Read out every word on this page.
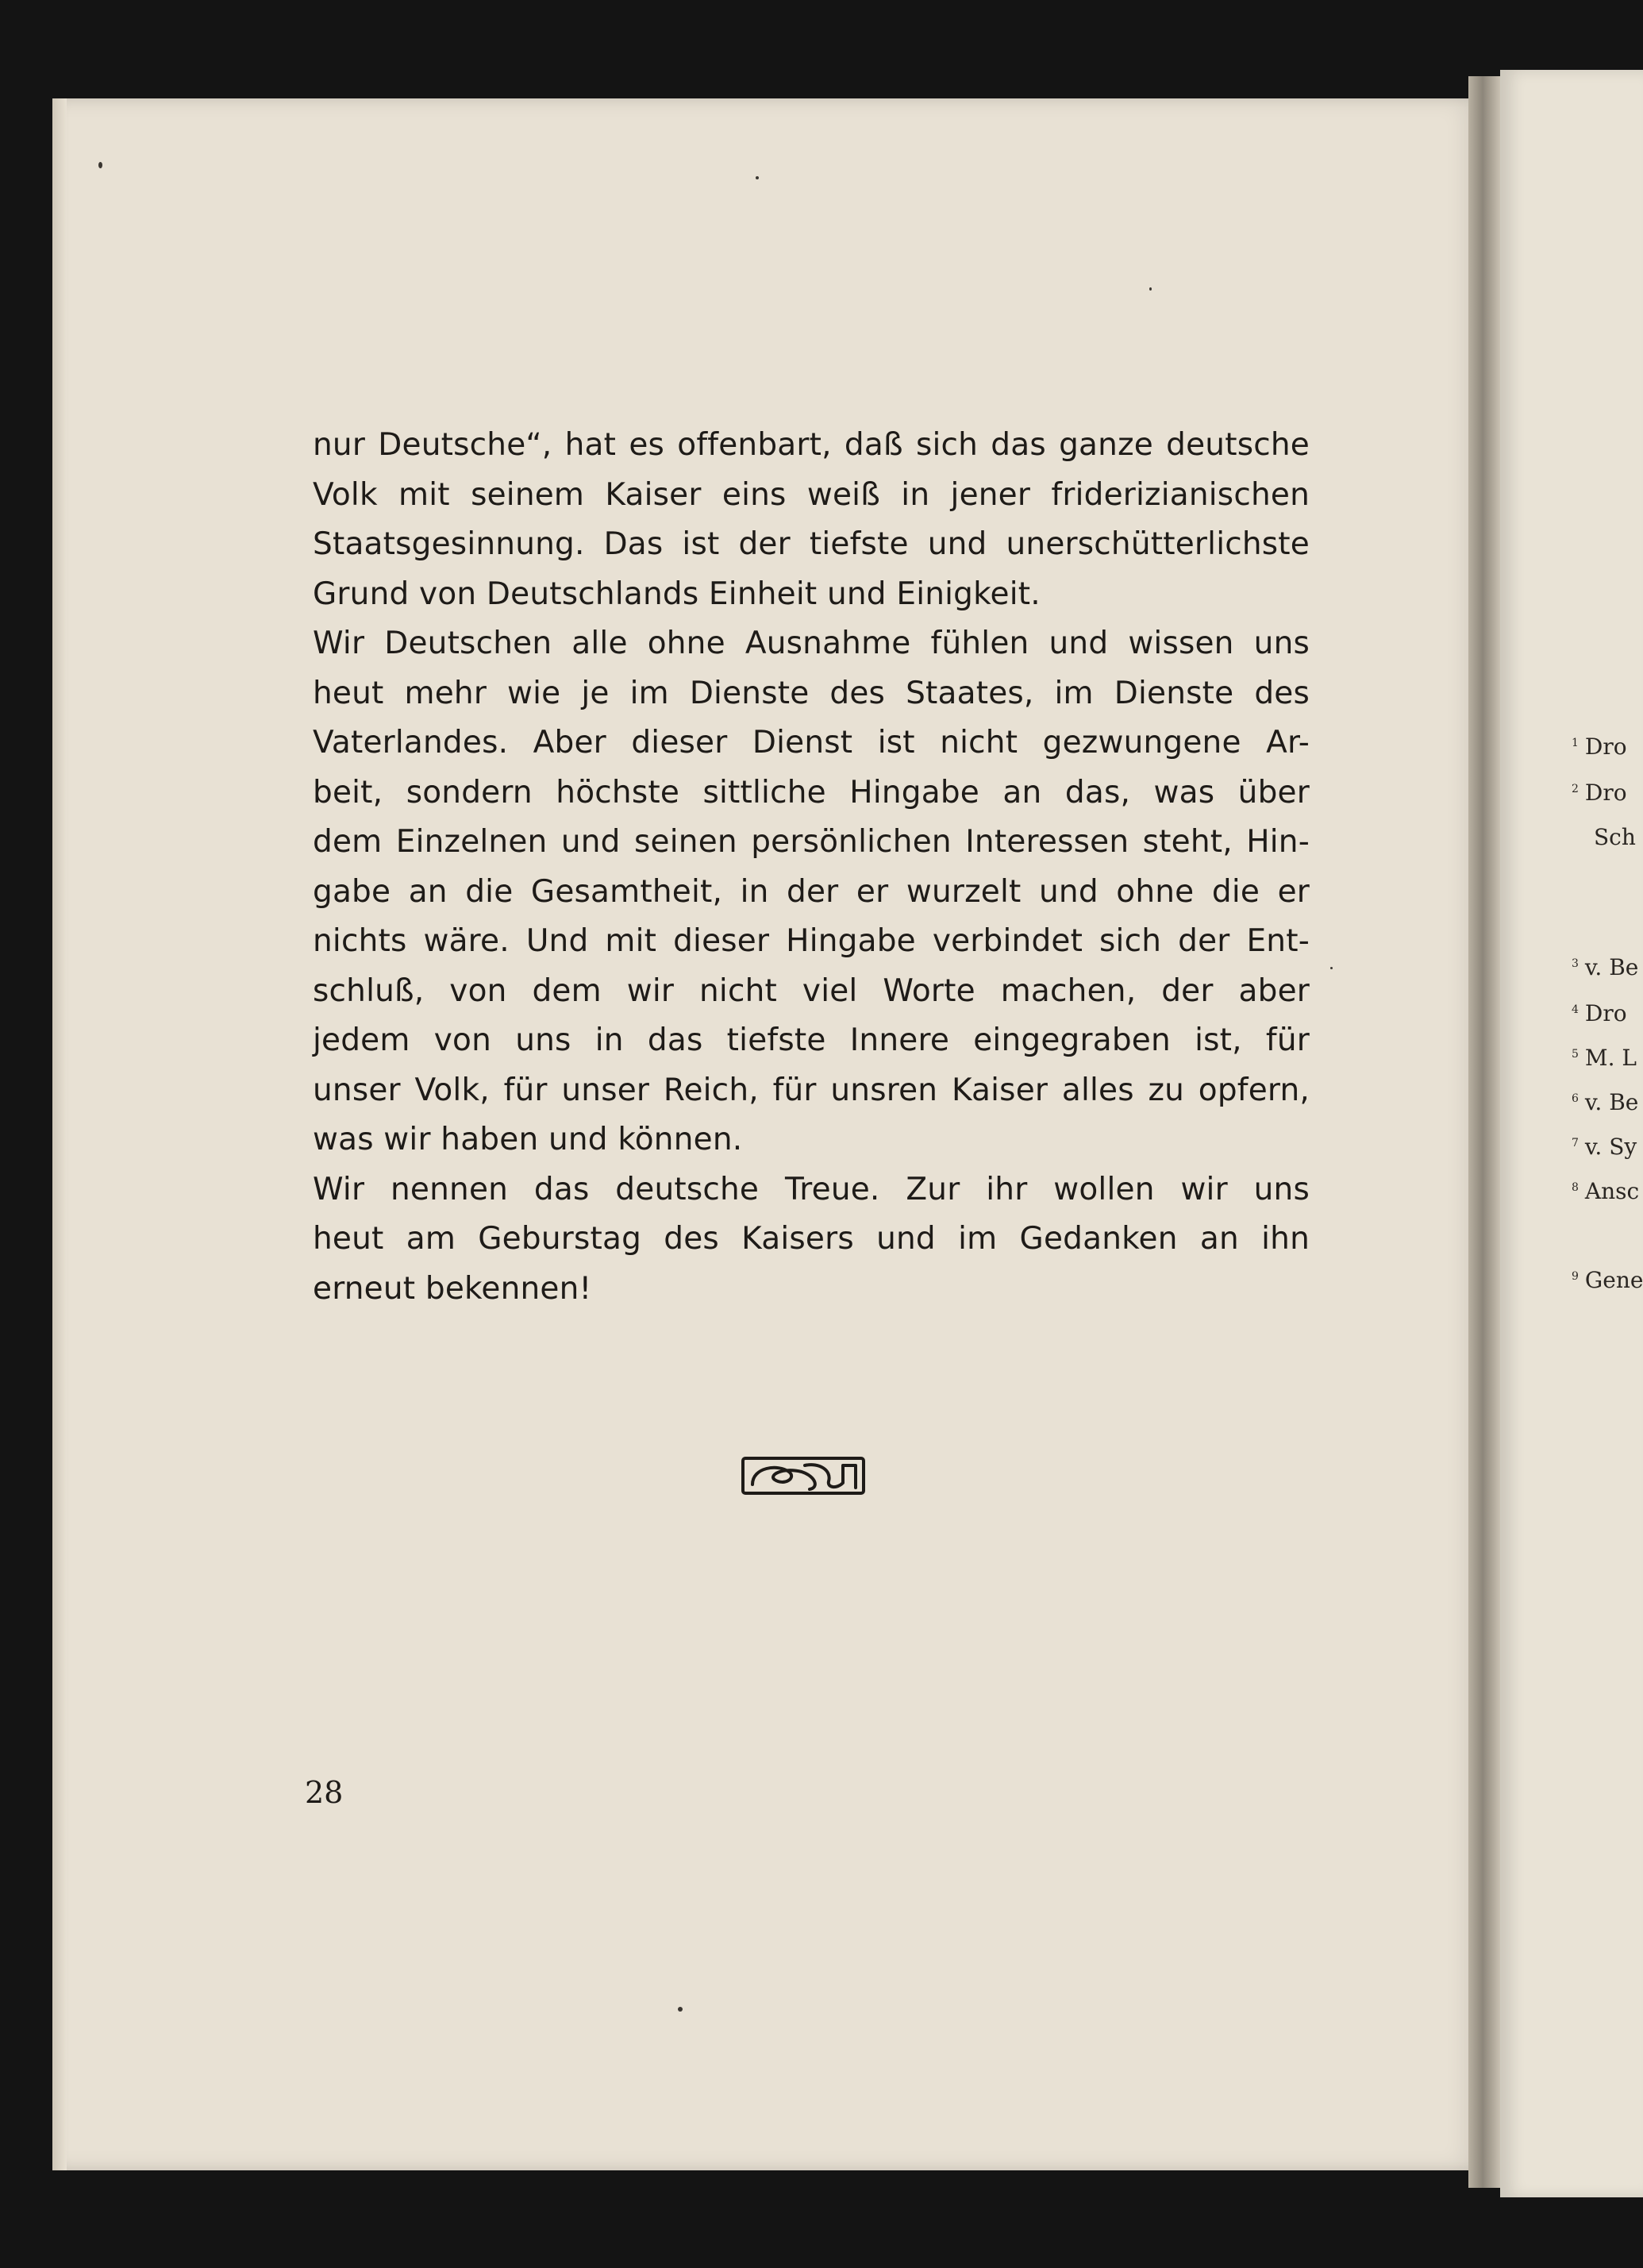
nur Deutsche“, hat es offenbart, daß sich das ganze deutsche
Volk mit seinem Kaiser eins weiß in jener friderizianischen
Staatsgesinnung. Das ist der tiefste und unerschütterlichste
Grund von Deutschlands Einheit und Einigkeit.
Wir Deutschen alle ohne Ausnahme fühlen und wissen uns
heut mehr wie je im Dienste des Staates, im Dienste des
Vaterlandes. Aber dieser Dienst ist nicht gezwungene Ar-
beit, sondern höchste sittliche Hingabe an das, was über
dem Einzelnen und seinen persönlichen Interessen steht, Hin-
gabe an die Gesamtheit, in der er wurzelt und ohne die er
nichts wäre. Und mit dieser Hingabe verbindet sich der Ent-
schluß, von dem wir nicht viel Worte machen, der aber
jedem von uns in das tiefste Innere eingegraben ist, für
unser Volk, für unser Reich, für unsren Kaiser alles zu opfern,
was wir haben und können.
Wir nennen das deutsche Treue. Zur ihr wollen wir uns
heut am Geburstag des Kaisers und im Gedanken an ihn
erneut bekennen!
28
$^1$ Dro
$^2$ Dro
Sch
$^3$ v. Be
$^4$ Dro
$^5$ M. L
$^6$ v. Be
$^7$ v. Sy
$^8$ Ansc
$^9$ Gene
